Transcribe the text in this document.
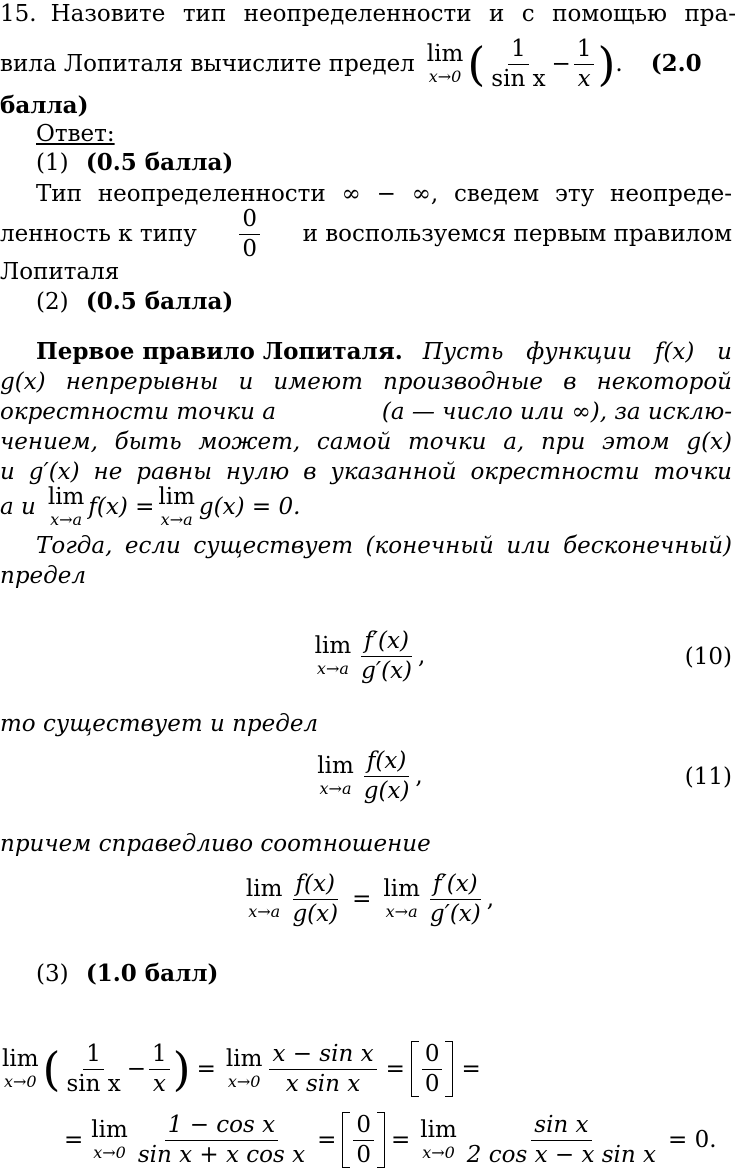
15. Назовите тип неопределенности и с помощью пра-
вила Лопиталя вычислите предел lim
x→0 ( $\frac{1}{\text{sin x}} - \frac{1}{x}$ ) . (2.0
балла)
Ответ:
(1) (0.5 балла)
Тип неопределенности ∞ − ∞, сведем эту неопреде-
ленность к типу $\frac{0}{0}$ и воспользуемся первым правилом
Лопиталя
(2) (0.5 балла)
Первое правило Лопиталя. Пусть функции f(x) и
g(x) непрерывны и имеют производные в некоторой
окрестности точки a	(a — число или ∞), за исклю-
чением, быть может, самой точки a, при этом g(x)
и g′(x) не равны нулю в указанной окрестности точки
a и lim
x→a f(x) = lim
x→a g(x) = 0.
Тогда, если существует (конечный или бесконечный)
предел
lim
$x\to a \frac{f'(x)}{g'(x)}$ ,	(10)
то существует и предел
lim
$x\to a \frac{f(x)}{g(x)}$ ,	(11)
причем справедливо соотношение
lim
$x\to a \frac{f(x)}{g(x)} = \lim$
$x\to a \frac{f'(x)}{g'(x)}$ ,
(3) (1.0 балл)
lim
x→0 ( $\frac{1}{\text{sin x}} - \frac{1}{x}$ ) = lim
$x\to 0 \frac{\text{x − sin x}}{\text{x sin x}} = \frac{0}{0}$ =
= lim
$x\to 0 \frac{\text{1 − cos x}}{\text{sin x + x cos x}} = \frac{0}{0} = \lim$
$x\to 0 \frac{\text{sin x}}{\text{2 cos x − x sin x}} = 0$.
